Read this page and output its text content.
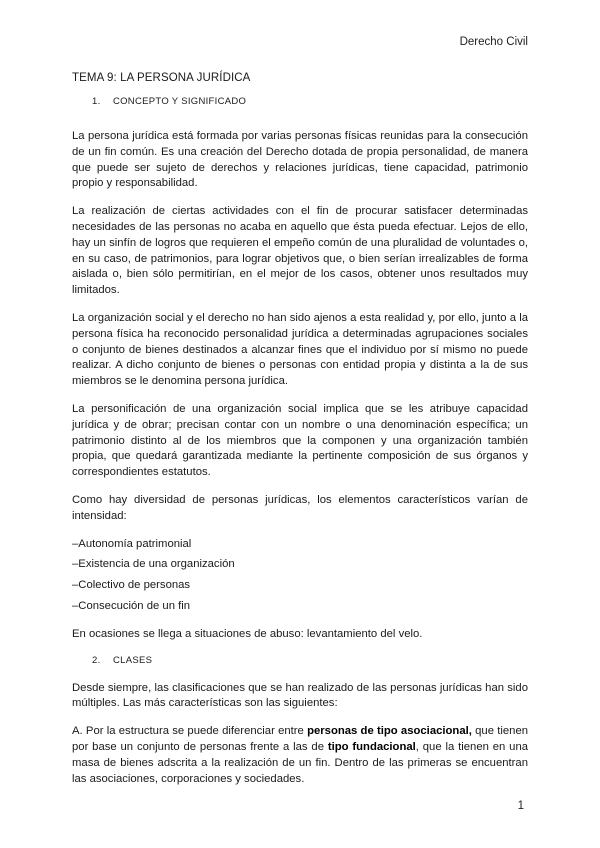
Derecho Civil
TEMA 9: LA PERSONA JURÍDICA
1. CONCEPTO Y SIGNIFICADO

La persona jurídica está formada por varias personas físicas reunidas para la consecución de un fin común. Es una creación del Derecho dotada de propia personalidad, de manera que puede ser sujeto de derechos y relaciones jurídicas, tiene capacidad, patrimonio propio y responsabilidad.

La realización de ciertas actividades con el fin de procurar satisfacer determinadas necesidades de las personas no acaba en aquello que ésta pueda efectuar. Lejos de ello, hay un sinfín de logros que requieren el empeño común de una pluralidad de voluntades o, en su caso, de patrimonios, para lograr objetivos que, o bien serían irrealizables de forma aislada o, bien sólo permitirían, en el mejor de los casos, obtener unos resultados muy limitados.

La organización social y el derecho no han sido ajenos a esta realidad y, por ello, junto a la persona física ha reconocido personalidad jurídica a determinadas agrupaciones sociales o conjunto de bienes destinados a alcanzar fines que el individuo por sí mismo no puede realizar. A dicho conjunto de bienes o personas con entidad propia y distinta a la de sus miembros se le denomina persona jurídica.

La personificación de una organización social implica que se les atribuye capacidad jurídica y de obrar; precisan contar con un nombre o una denominación específica; un patrimonio distinto al de los miembros que la componen y una organización también propia, que quedará garantizada mediante la pertinente composición de sus órganos y correspondientes estatutos.

Como hay diversidad de personas jurídicas, los elementos característicos varían de intensidad:

–Autonomía patrimonial
–Existencia de una organización
–Colectivo de personas
–Consecución de un fin

En ocasiones se llega a situaciones de abuso: levantamiento del velo.

2. CLASES

Desde siempre, las clasificaciones que se han realizado de las personas jurídicas han sido múltiples. Las más características son las siguientes:

A. Por la estructura se puede diferenciar entre personas de tipo asociacional, que tienen por base un conjunto de personas frente a las de tipo fundacional, que la tienen en una masa de bienes adscrita a la realización de un fin. Dentro de las primeras se encuentran las asociaciones, corporaciones y sociedades.

1
